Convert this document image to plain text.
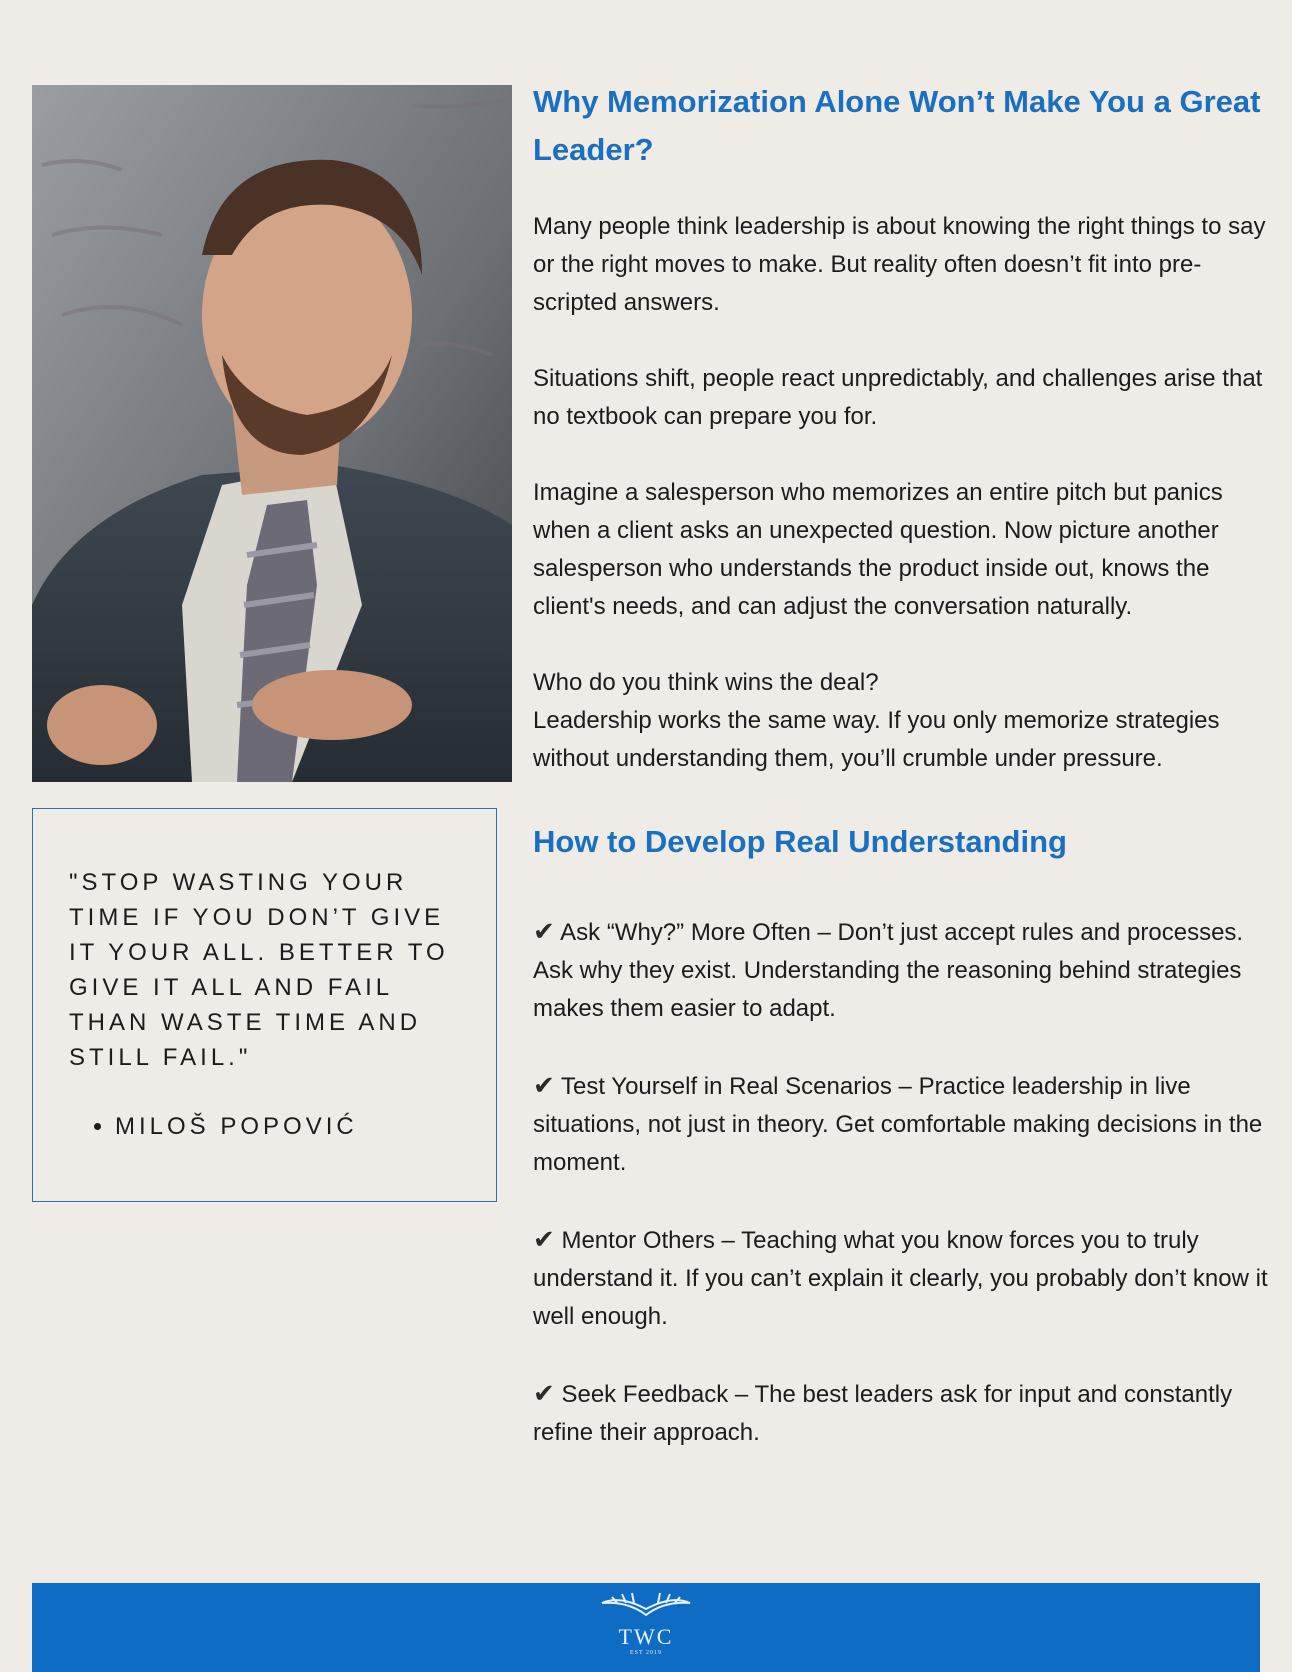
"STOP WASTING YOUR TIME IF YOU DON’T GIVE IT YOUR ALL. BETTER TO GIVE IT ALL AND FAIL THAN WASTE TIME AND STILL FAIL."

• MILOŠ POPOVIĆ
Why Memorization Alone Won’t Make You a Great Leader?

Many people think leadership is about knowing the right things to say or the right moves to make. But reality often doesn’t fit into pre-scripted answers.

Situations shift, people react unpredictably, and challenges arise that no textbook can prepare you for.

Imagine a salesperson who memorizes an entire pitch but panics when a client asks an unexpected question. Now picture another salesperson who understands the product inside out, knows the client's needs, and can adjust the conversation naturally.

Who do you think wins the deal?

Leadership works the same way. If you only memorize strategies without understanding them, you’ll crumble under pressure.

How to Develop Real Understanding

✔ Ask “Why?” More Often – Don’t just accept rules and processes. Ask why they exist. Understanding the reasoning behind strategies makes them easier to adapt.

✔ Test Yourself in Real Scenarios – Practice leadership in live situations, not just in theory. Get comfortable making decisions in the moment.

✔ Mentor Others – Teaching what you know forces you to truly understand it. If you can’t explain it clearly, you probably don’t know it well enough.

✔ Seek Feedback – The best leaders ask for input and constantly refine their approach.

TWC
EST 2019
